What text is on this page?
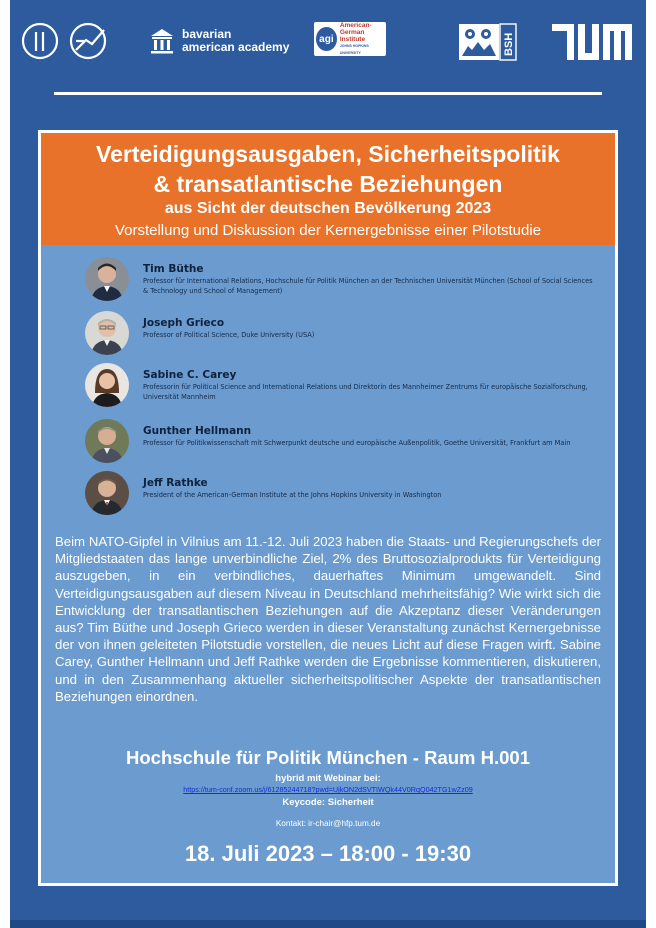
bavarian
american academy
agi
American-
German
Institute
JOHNS HOPKINS UNIVERSITY	BSH
Verteidigungsausgaben, Sicherheitspolitik
& transatlantische Beziehungen
aus Sicht der deutschen Bevölkerung 2023
Vorstellung und Diskussion der Kernergebnisse einer Pilotstudie
Tim Büthe
Professor für International Relations, Hochschule für Politik München an der Technischen Universität München (School of Social Sciences & Technology und School of Management)
Joseph Grieco
Professor of Political Science, Duke University (USA)
Sabine C. Carey
Professorin für Political Science and International Relations und Direktorin des Mannheimer Zentrums für europäische Sozialforschung, Universität Mannheim
Gunther Hellmann
Professor für Politikwissenschaft mit Schwerpunkt deutsche und europäische Außenpolitik, Goethe Universität, Frankfurt am Main
Jeff Rathke
President of the American-German Institute at the Johns Hopkins University in Washington
Beim NATO-Gipfel in Vilnius am 11.-12. Juli 2023 haben die Staats- und Regierungschefs der Mitgliedstaaten das lange unverbindliche Ziel, 2% des Bruttosozialprodukts für Verteidigung auszugeben, in ein verbindliches, dauerhaftes Minimum umgewandelt. Sind Verteidigungsausgaben auf diesem Niveau in Deutschland mehrheitsfähig? Wie wirkt sich die Entwicklung der transatlantischen Beziehungen auf die Akzeptanz dieser Veränderungen aus? Tim Büthe und Joseph Grieco werden in dieser Veranstaltung zunächst Kernergebnisse der von ihnen geleiteten Pilotstudie vorstellen, die neues Licht auf diese Fragen wirft. Sabine Carey, Gunther Hellmann und Jeff Rathke werden die Ergebnisse kommentieren, diskutieren, und in den Zusammenhang aktueller sicherheitspolitischer Aspekte der transatlantischen Beziehungen einordnen.
Hochschule für Politik München - Raum H.001
hybrid mit Webinar bei:
https://tum-conf.zoom.us/j/61285244718?pwd=UjkON2dSVTIWQk44V0RqQ042TG1wZz09
Keycode: Sicherheit
Kontakt: ir-chair@hfp.tum.de
18. Juli 2023 – 18:00 - 19:30
